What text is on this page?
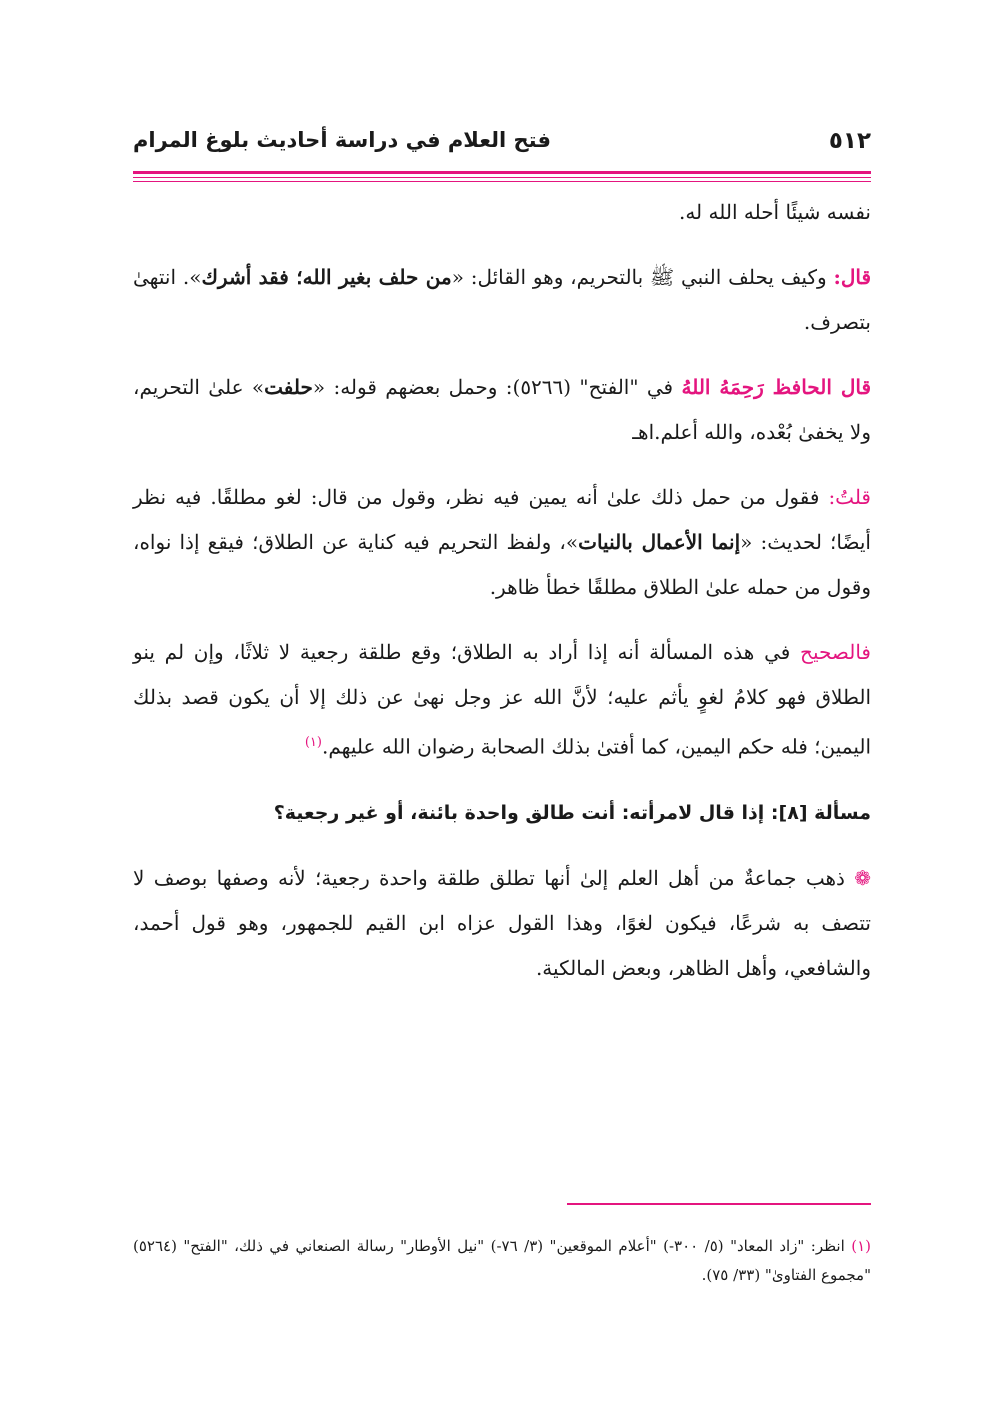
٥١٢
فتح العلام في دراسة أحاديث بلوغ المرام

نفسه شيئًا أحله الله له.

قال: وكيف يحلف النبي ﷺ بالتحريم، وهو القائل: «من حلف بغير الله؛ فقد أشرك». انتهىٰ بتصرف.

قال الحافظ رَحِمَهُ اللهُ في "الفتح" (٥٢٦٦): وحمل بعضهم قوله: «حلفت» علىٰ التحريم، ولا يخفىٰ بُعْده، والله أعلم.اهـ

قلتُ: فقول من حمل ذلك علىٰ أنه يمين فيه نظر، وقول من قال: لغو مطلقًا. فيه نظر أيضًا؛ لحديث: «إنما الأعمال بالنيات»، ولفظ التحريم فيه كناية عن الطلاق؛ فيقع إذا نواه، وقول من حمله علىٰ الطلاق مطلقًا خطأ ظاهر.

فالصحيح في هذه المسألة أنه إذا أراد به الطلاق؛ وقع طلقة رجعية لا ثلاثًا، وإن لم ينو الطلاق فهو كلامُ لغوٍ يأثم عليه؛ لأنَّ الله عز وجل نهىٰ عن ذلك إلا أن يكون قصد بذلك اليمين؛ فله حكم اليمين، كما أفتىٰ بذلك الصحابة رضوان الله عليهم.$^{(١)}$

مسألة [٨]: إذا قال لامرأته: أنت طالق واحدة بائنة، أو غير رجعية؟

❁ ذهب جماعةٌ من أهل العلم إلىٰ أنها تطلق طلقة واحدة رجعية؛ لأنه وصفها بوصف لا تتصف به شرعًا، فيكون لغوًا، وهذا القول عزاه ابن القيم للجمهور، وهو قول أحمد، والشافعي، وأهل الظاهر، وبعض المالكية.

(١) انظر: "زاد المعاد" (٥/ ٣٠٠-) "أعلام الموقعين" (٣/ ٧٦-) "نيل الأوطار" رسالة الصنعاني في ذلك، "الفتح" (٥٢٦٤) "مجموع الفتاوىٰ" (٣٣/ ٧٥).
